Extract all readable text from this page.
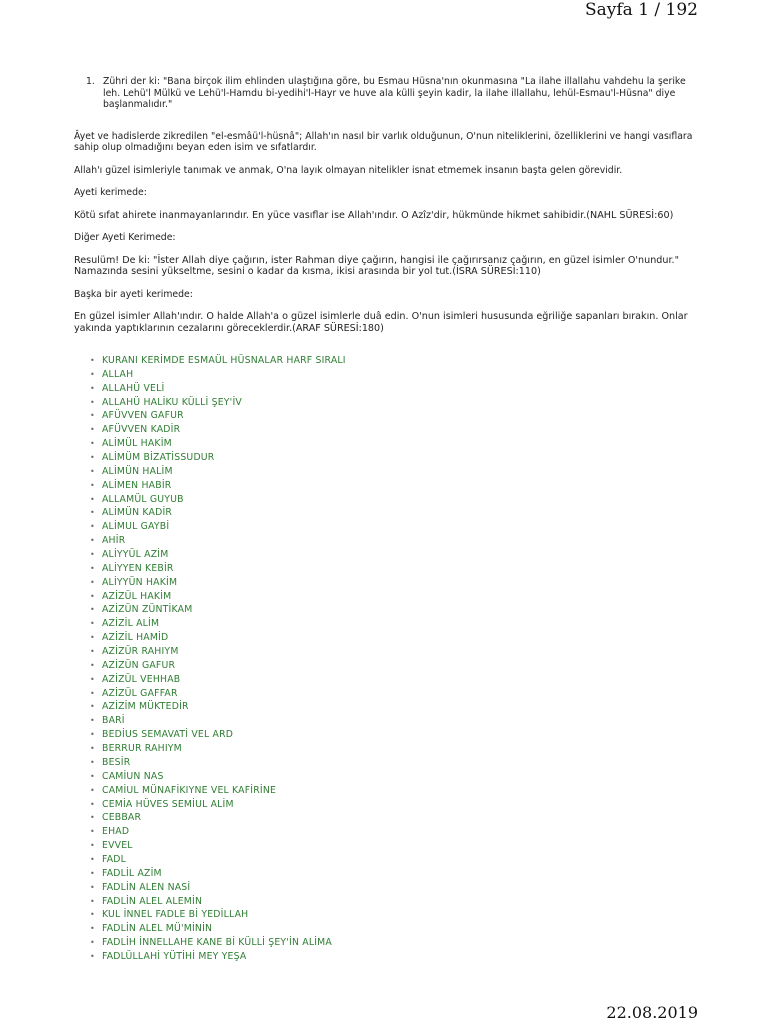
Sayfa 1 / 192
1. Zühri der ki: "Bana birçok ilim ehlinden ulaştığına göre, bu Esmau Hüsna'nın okunmasına "La ilahe illallahu vahdehu la şerike leh. Lehü'l Mülkü ve Lehü'l-Hamdu bi-yedihi'l-Hayr ve huve ala külli şeyin kadir, la ilahe illallahu, lehül-Esmau'l-Hüsna" diye başlanmalıdır."

Âyet ve hadislerde zikredilen "el-esmâü'l-hüsnâ"; Allah'ın nasıl bir varlık olduğunun, O'nun niteliklerini, özelliklerini ve hangi vasıflara sahip olup olmadığını beyan eden isim ve sıfatlardır.

Allah'ı güzel isimleriyle tanımak ve anmak, O'na layık olmayan nitelikler isnat etmemek insanın başta gelen görevidir.

Ayeti kerimede:

Kötü sıfat ahirete inanmayanlarındır. En yüce vasıflar ise Allah'ındır. O Azîz'dir, hükmünde hikmet sahibidir.(NAHL SÜRESİ:60)

Diğer Ayeti Kerimede:

Resulüm! De ki: "İster Allah diye çağırın, ister Rahman diye çağırın, hangisi ile çağırırsanız çağırın, en güzel isimler O'nundur." Namazında sesini yükseltme, sesini o kadar da kısma, ikisi arasında bir yol tut.(İSRA SÜRESİ:110)

Başka bir ayeti kerimede:

En güzel isimler Allah'ındır. O halde Allah'a o güzel isimlerle duâ edin. O'nun isimleri hususunda eğriliğe sapanları bırakın. Onlar yakında yaptıklarının cezalarını göreceklerdir.(ARAF SÜRESİ:180)

• KURANI KERİMDE ESMAÜL HÜSNALAR HARF SIRALI
• ALLAH
• ALLAHÜ VELİ
• ALLAHÜ HALİKU KÜLLİ ŞEY'İV
• AFÜVVEN GAFUR
• AFÜVVEN KADİR
• ALİMÜL HAKİM
• ALİMÜM BİZATİSSUDUR
• ALİMÜN HALİM
• ALİMEN HABİR
• ALLAMÜL GUYUB
• ALİMÜN KADİR
• ALİMUL GAYBİ
• AHİR
• ALİYYÜL AZİM
• ALİYYEN KEBİR
• ALİYYÜN HAKİM
• AZİZÜL HAKİM
• AZİZÜN ZÜNTİKAM
• AZİZİL ALİM
• AZİZİL HAMİD
• AZİZÜR RAHIYM
• AZİZÜN GAFUR
• AZİZÜL VEHHAB
• AZİZÜL GAFFAR
• AZİZİM MÜKTEDİR
• BARİ
• BEDİUS SEMAVATİ VEL ARD
• BERRUR RAHIYM
• BESİR
• CAMİUN NAS
• CAMİUL MÜNAFİKIYNE VEL KAFİRİNE
• CEMİA HÜVES SEMİUL ALİM
• CEBBAR
• EHAD
• EVVEL
• FADL
• FADLİL AZİM
• FADLİN ALEN NASİ
• FADLİN ALEL ALEMİN
• KUL İNNEL FADLE Bİ YEDİLLAH
• FADLİN ALEL MÜ'MİNİN
• FADLİH İNNELLAHE KANE Bİ KÜLLİ ŞEY'İN ALİMA
• FADLÜLLAHİ YÜTİHİ MEY YEŞA
22.08.2019
